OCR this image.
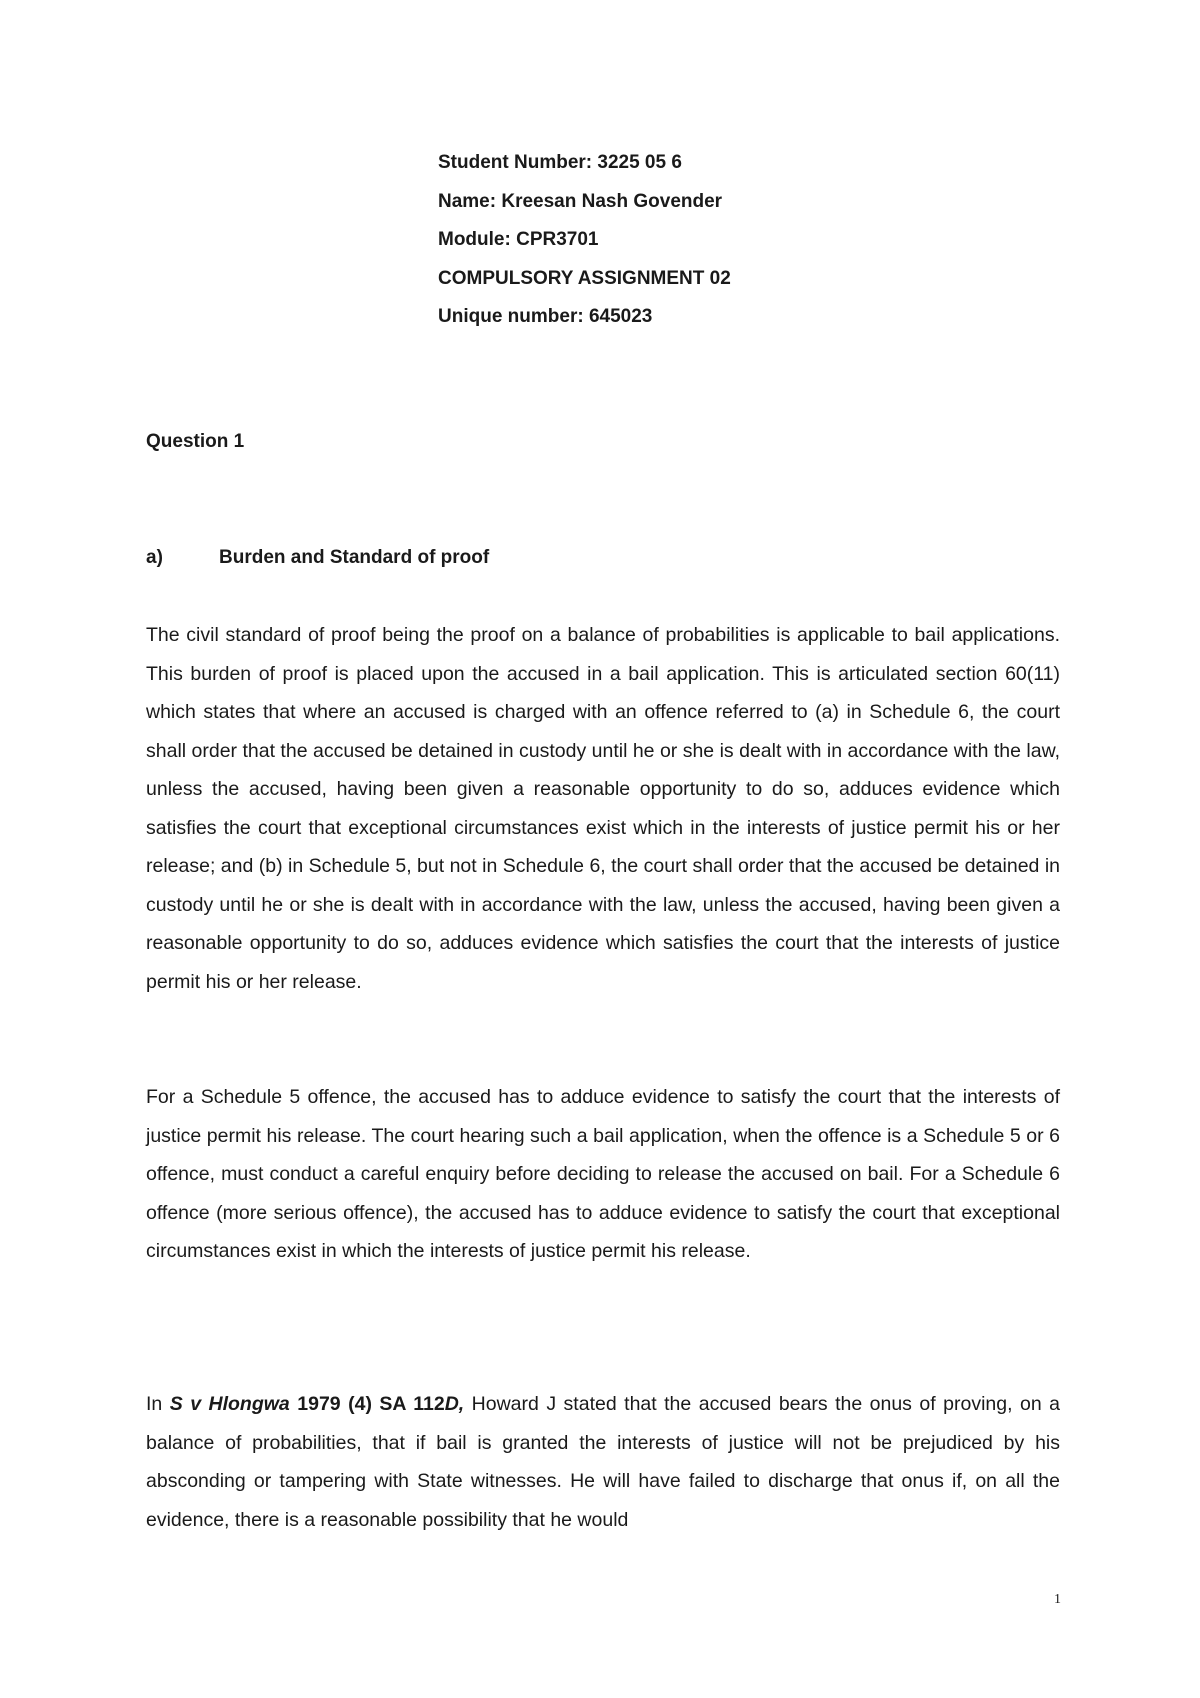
Student Number: 3225 05 6
Name: Kreesan Nash Govender
Module: CPR3701
COMPULSORY ASSIGNMENT 02
Unique number: 645023
Question 1
a)	Burden and Standard of proof

The civil standard of proof being the proof on a balance of probabilities is applicable to bail applications. This burden of proof is placed upon the accused in a bail application. This is articulated section 60(11) which states that where an accused is charged with an offence referred to (a) in Schedule 6, the court shall order that the accused be detained in custody until he or she is dealt with in accordance with the law, unless the accused, having been given a reasonable opportunity to do so, adduces evidence which satisfies the court that exceptional circumstances exist which in the interests of justice permit his or her release; and (b) in Schedule 5, but not in Schedule 6, the court shall order that the accused be detained in custody until he or she is dealt with in accordance with the law, unless the accused, having been given a reasonable opportunity to do so, adduces evidence which satisfies the court that the interests of justice permit his or her release.

For a Schedule 5 offence, the accused has to adduce evidence to satisfy the court that the interests of justice permit his release. The court hearing such a bail application, when the offence is a Schedule 5 or 6 offence, must conduct a careful enquiry before deciding to release the accused on bail. For a Schedule 6 offence (more serious offence), the accused has to adduce evidence to satisfy the court that exceptional circumstances exist in which the interests of justice permit his release.

In S v Hlongwa 1979 (4) SA 112D, Howard J stated that the accused bears the onus of proving, on a balance of probabilities, that if bail is granted the interests of justice will not be prejudiced by his absconding or tampering with State witnesses. He will have failed to discharge that onus if, on all the evidence, there is a reasonable possibility that he would

1
